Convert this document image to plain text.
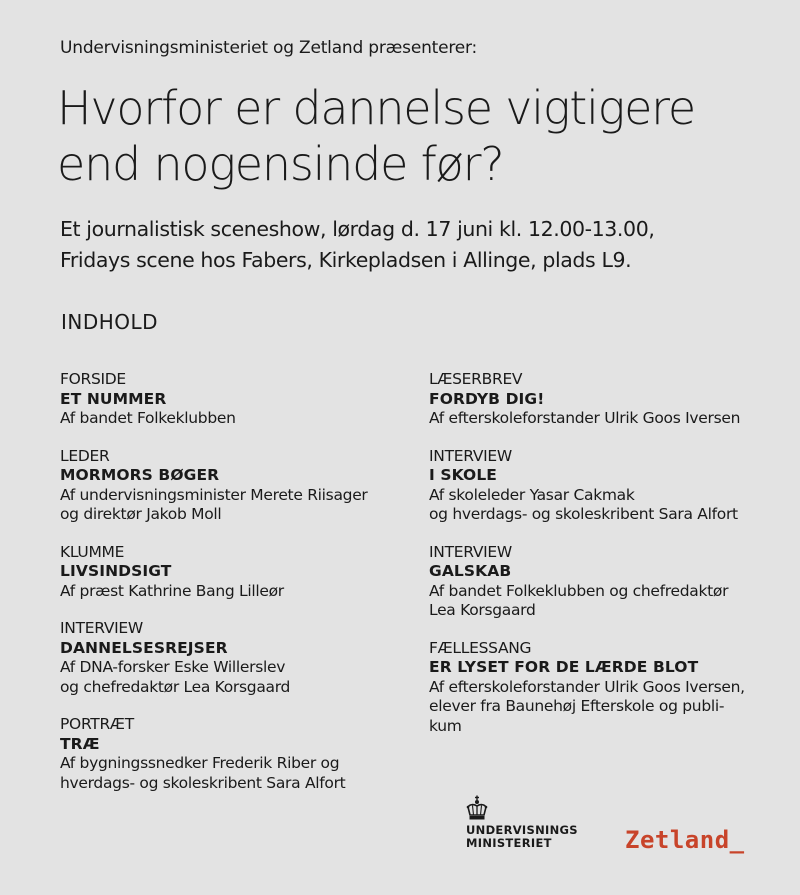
Undervisningsministeriet og Zetland præsenterer:

Hvorfor er dannelse vigtigere
end nogensinde før?

Et journalistisk sceneshow, lørdag d. 17 juni kl. 12.00-13.00,
Fridays scene hos Fabers, Kirkepladsen i Allinge, plads L9.

INDHOLD
FORSIDE
ET NUMMER
Af bandet Folkeklubben
LEDER
MORMORS BØGER
Af undervisningsminister Merete Riisager
og direktør Jakob Moll
KLUMME
LIVSINDSIGT
Af præst Kathrine Bang Lilleør
INTERVIEW
DANNELSESREJSER
Af DNA-forsker Eske Willerslev
og chefredaktør Lea Korsgaard
PORTRÆT
TRÆ
Af bygningssnedker Frederik Riber og
hverdags- og skoleskribent Sara Alfort
LÆSERBREV
FORDYB DIG!
Af efterskoleforstander Ulrik Goos Iversen
INTERVIEW
I SKOLE
Af skoleleder Yasar Cakmak
og hverdags- og skoleskribent Sara Alfort
INTERVIEW
GALSKAB
Af bandet Folkeklubben og chefredaktør
Lea Korsgaard
FÆLLESSANG
ER LYSET FOR DE LÆRDE BLOT
Af efterskoleforstander Ulrik Goos Iversen,
elever fra Baunehøj Efterskole og publi-
kum
UNDERVISNINGS
MINISTERIET	Zetland_
